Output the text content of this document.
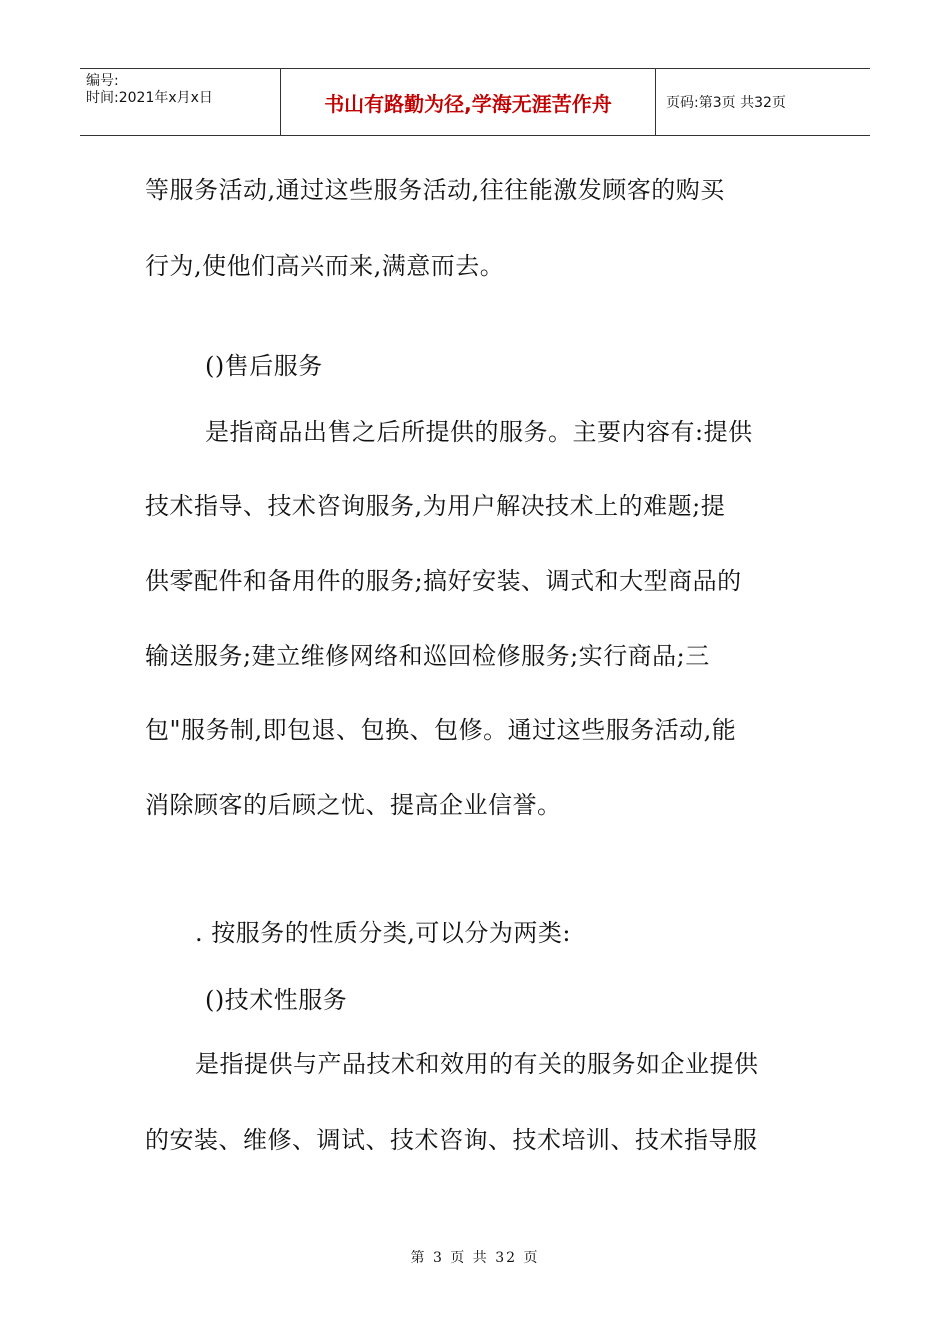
编号:
时间:2021年x月x日	书山有路勤为径,学海无涯苦作舟	页码:第3页 共32页
等服务活动,通过这些服务活动,往往能激发顾客的购买
行为,使他们高兴而来,满意而去。
()售后服务
是指商品出售之后所提供的服务。主要内容有:提供
技术指导、技术咨询服务,为用户解决技术上的难题;提
供零配件和备用件的服务;搞好安装、调式和大型商品的
输送服务;建立维修网络和巡回检修服务;实行商品;三
包"服务制,即包退、包换、包修。通过这些服务活动,能
消除顾客的后顾之忧、提高企业信誉。
. 按服务的性质分类,可以分为两类:
()技术性服务
是指提供与产品技术和效用的有关的服务如企业提供
的安装、维修、调试、技术咨询、技术培训、技术指导服
第 3 页 共 32 页
